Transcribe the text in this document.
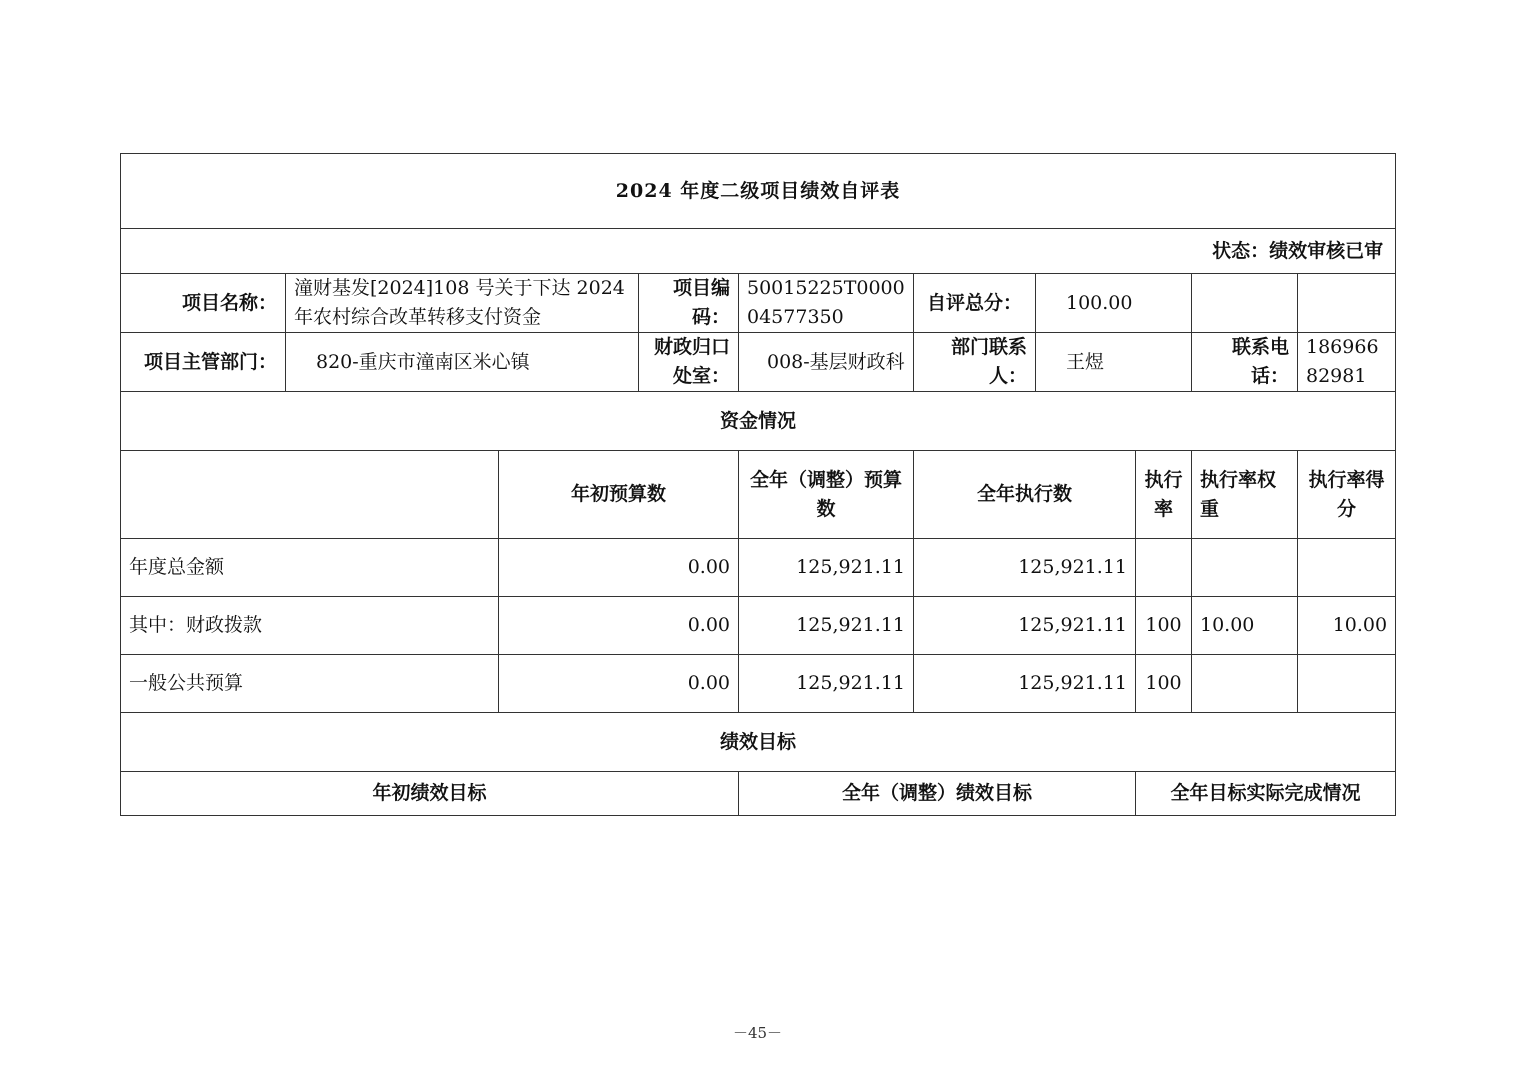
2024 年度二级项目绩效自评表									
状态：绩效审核已审									
项目名称：	潼财基发[2024]108 号关于下达 2024 年农村综合改革转移支付资金		项目编码：	50015225T000004577350	自评总分：	100.00			
项目主管部门：	820-重庆市潼南区米心镇		财政归口处室：	008-基层财政科	部门联系人：	王煜		联系电话：	18696682981
资金情况									
		年初预算数		全年（调整）预算数	全年执行数		执行率	执行率权重	执行率得分
年度总金额		0.00		125,921.11	125,921.11				
其中：财政拨款		0.00		125,921.11	125,921.11		100	10.00	10.00
一般公共预算		0.00		125,921.11	125,921.11		100		
绩效目标									
年初绩效目标				全年（调整）绩效目标			全年目标实际完成情况		
－45－
